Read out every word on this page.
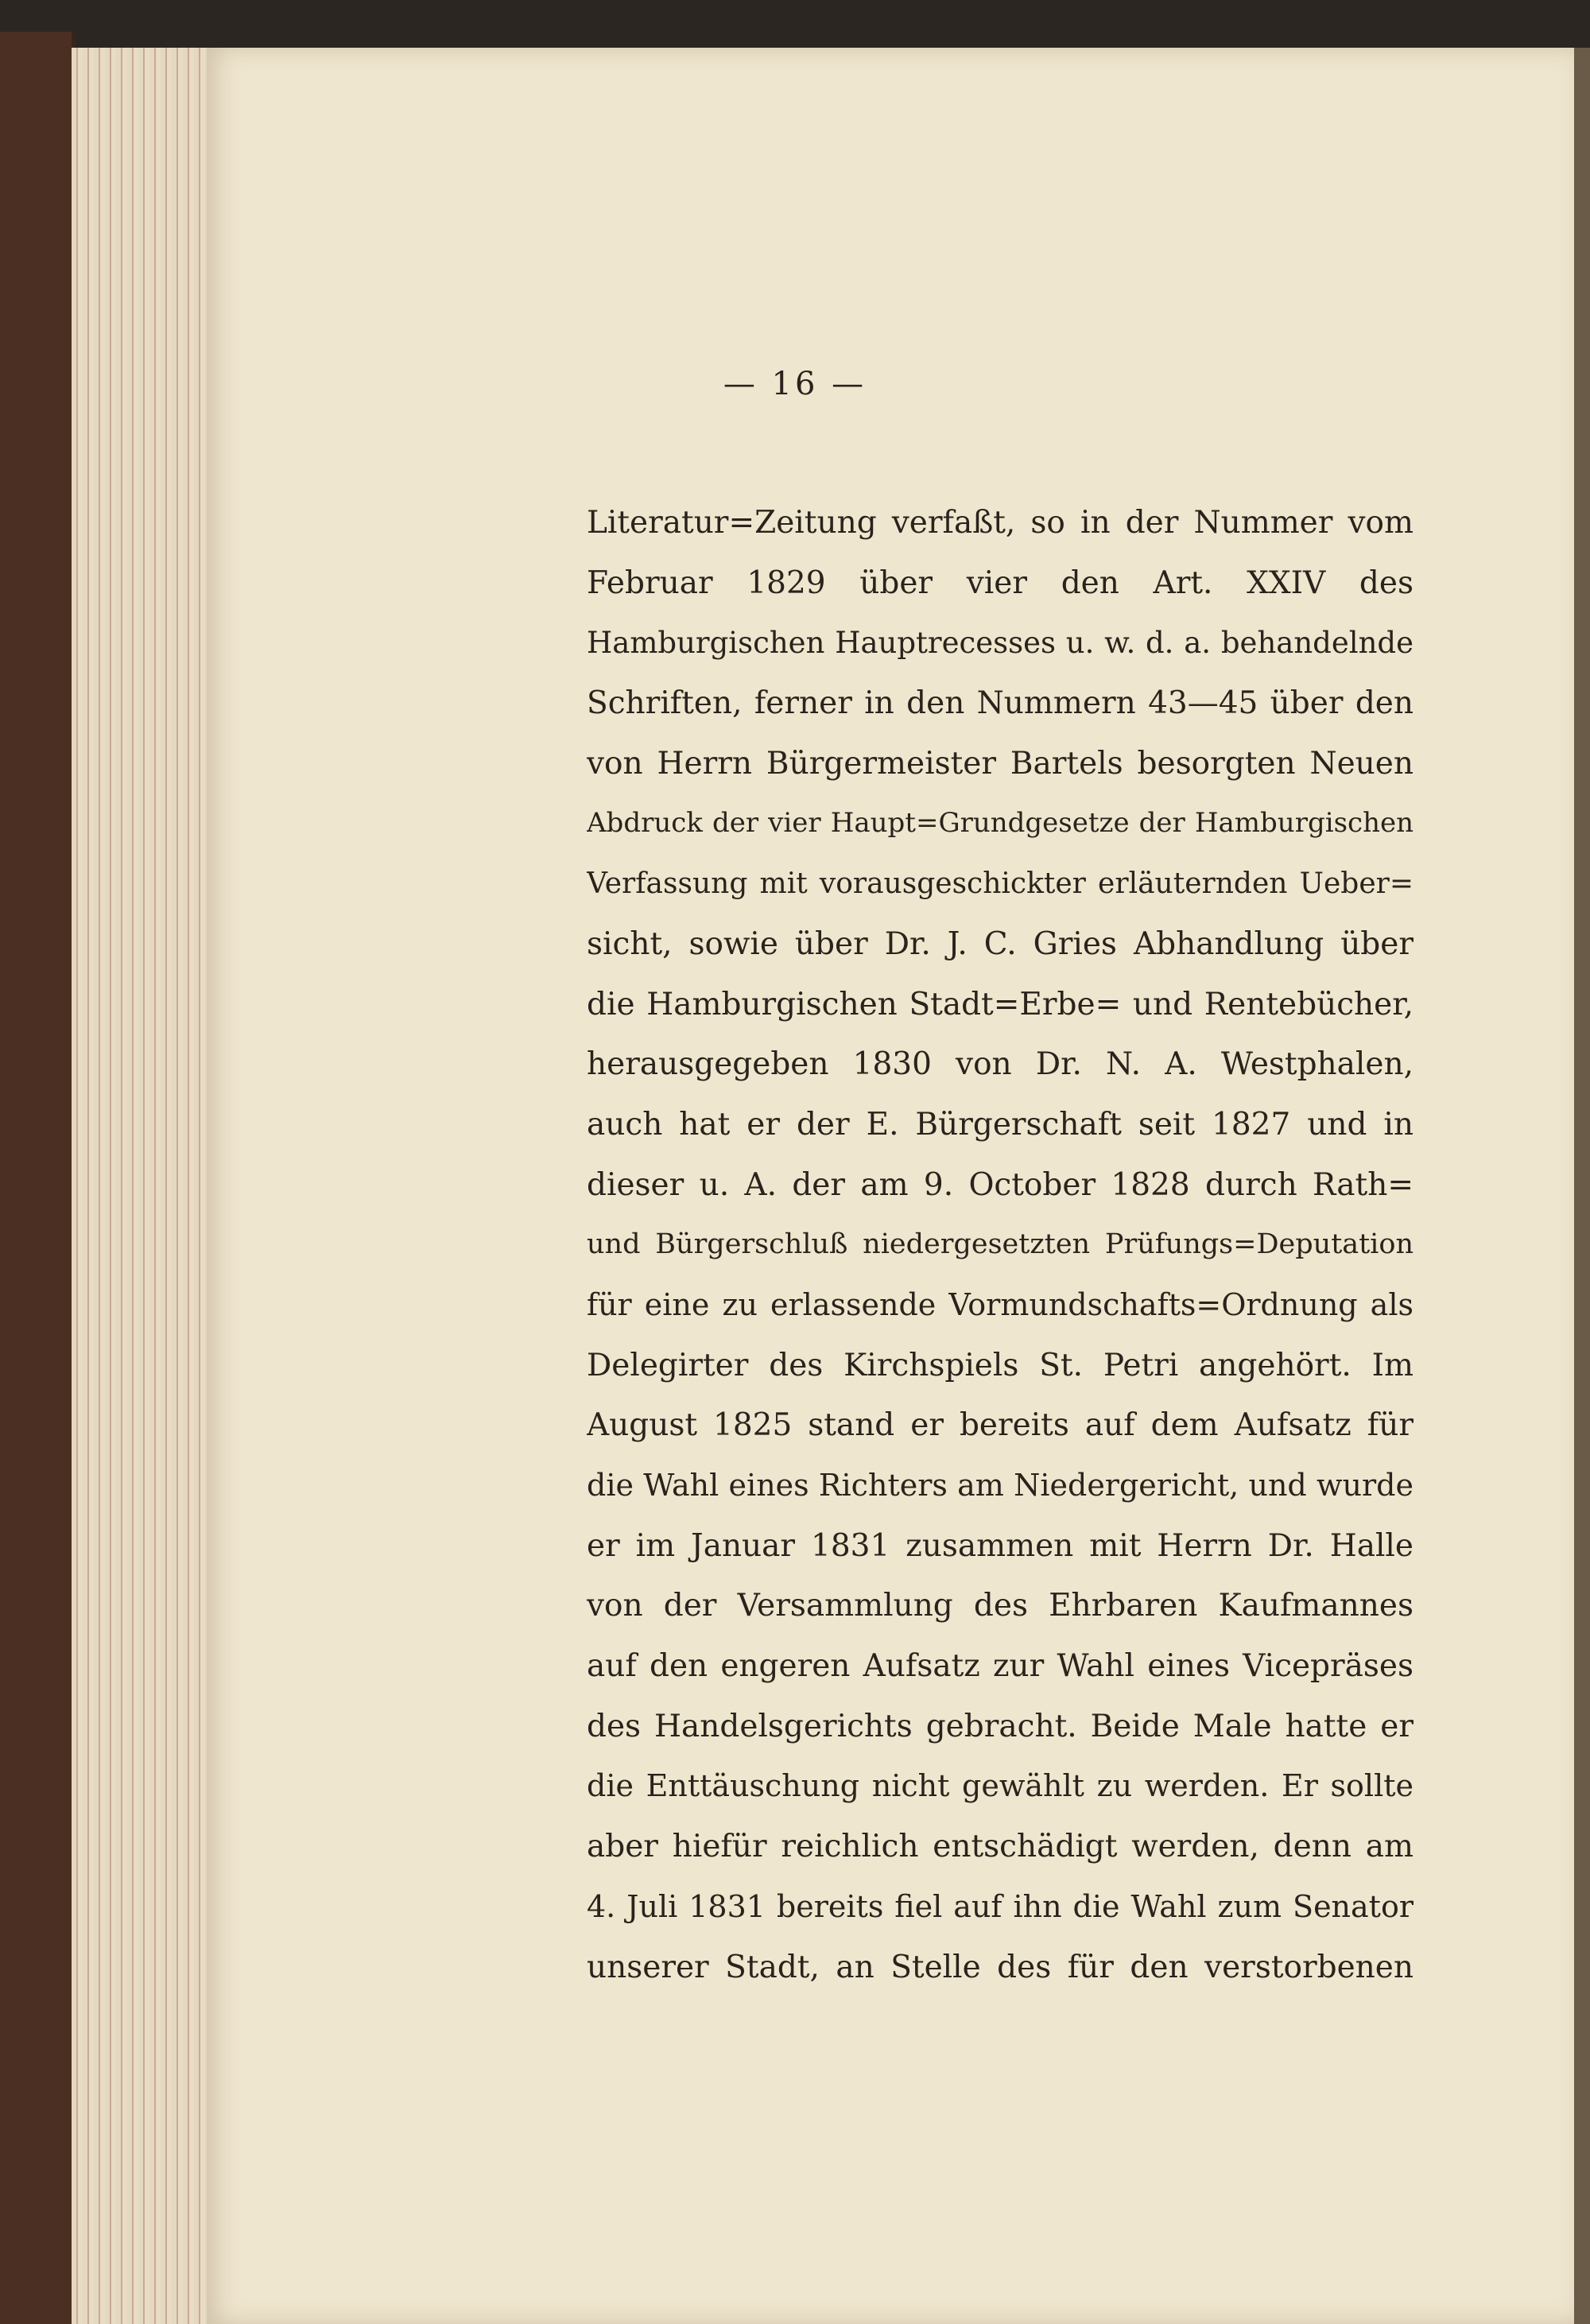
— 16 —
Literatur=Zeitung verfaßt, so in der Nummer vom
Februar 1829 über vier den Art. XXIV des
Hamburgischen Hauptrecesses u. w. d. a. behandelnde
Schriften, ferner in den Nummern 43—45 über den
von Herrn Bürgermeister Bartels besorgten Neuen
Abdruck der vier Haupt=Grundgesetze der Hamburgischen
Verfassung mit vorausgeschickter erläuternden Ueber=
sicht, sowie über Dr. J. C. Gries Abhandlung über
die Hamburgischen Stadt=Erbe= und Rentebücher,
herausgegeben 1830 von Dr. N. A. Westphalen,
auch hat er der E. Bürgerschaft seit 1827 und in
dieser u. A. der am 9. October 1828 durch Rath=
und Bürgerschluß niedergesetzten Prüfungs=Deputation
für eine zu erlassende Vormundschafts=Ordnung als
Delegirter des Kirchspiels St. Petri angehört. Im
August 1825 stand er bereits auf dem Aufsatz für
die Wahl eines Richters am Niedergericht, und wurde
er im Januar 1831 zusammen mit Herrn Dr. Halle
von der Versammlung des Ehrbaren Kaufmannes
auf den engeren Aufsatz zur Wahl eines Vicepräses
des Handelsgerichts gebracht. Beide Male hatte er
die Enttäuschung nicht gewählt zu werden. Er sollte
aber hiefür reichlich entschädigt werden, denn am
4. Juli 1831 bereits fiel auf ihn die Wahl zum Senator
unserer Stadt, an Stelle des für den verstorbenen
